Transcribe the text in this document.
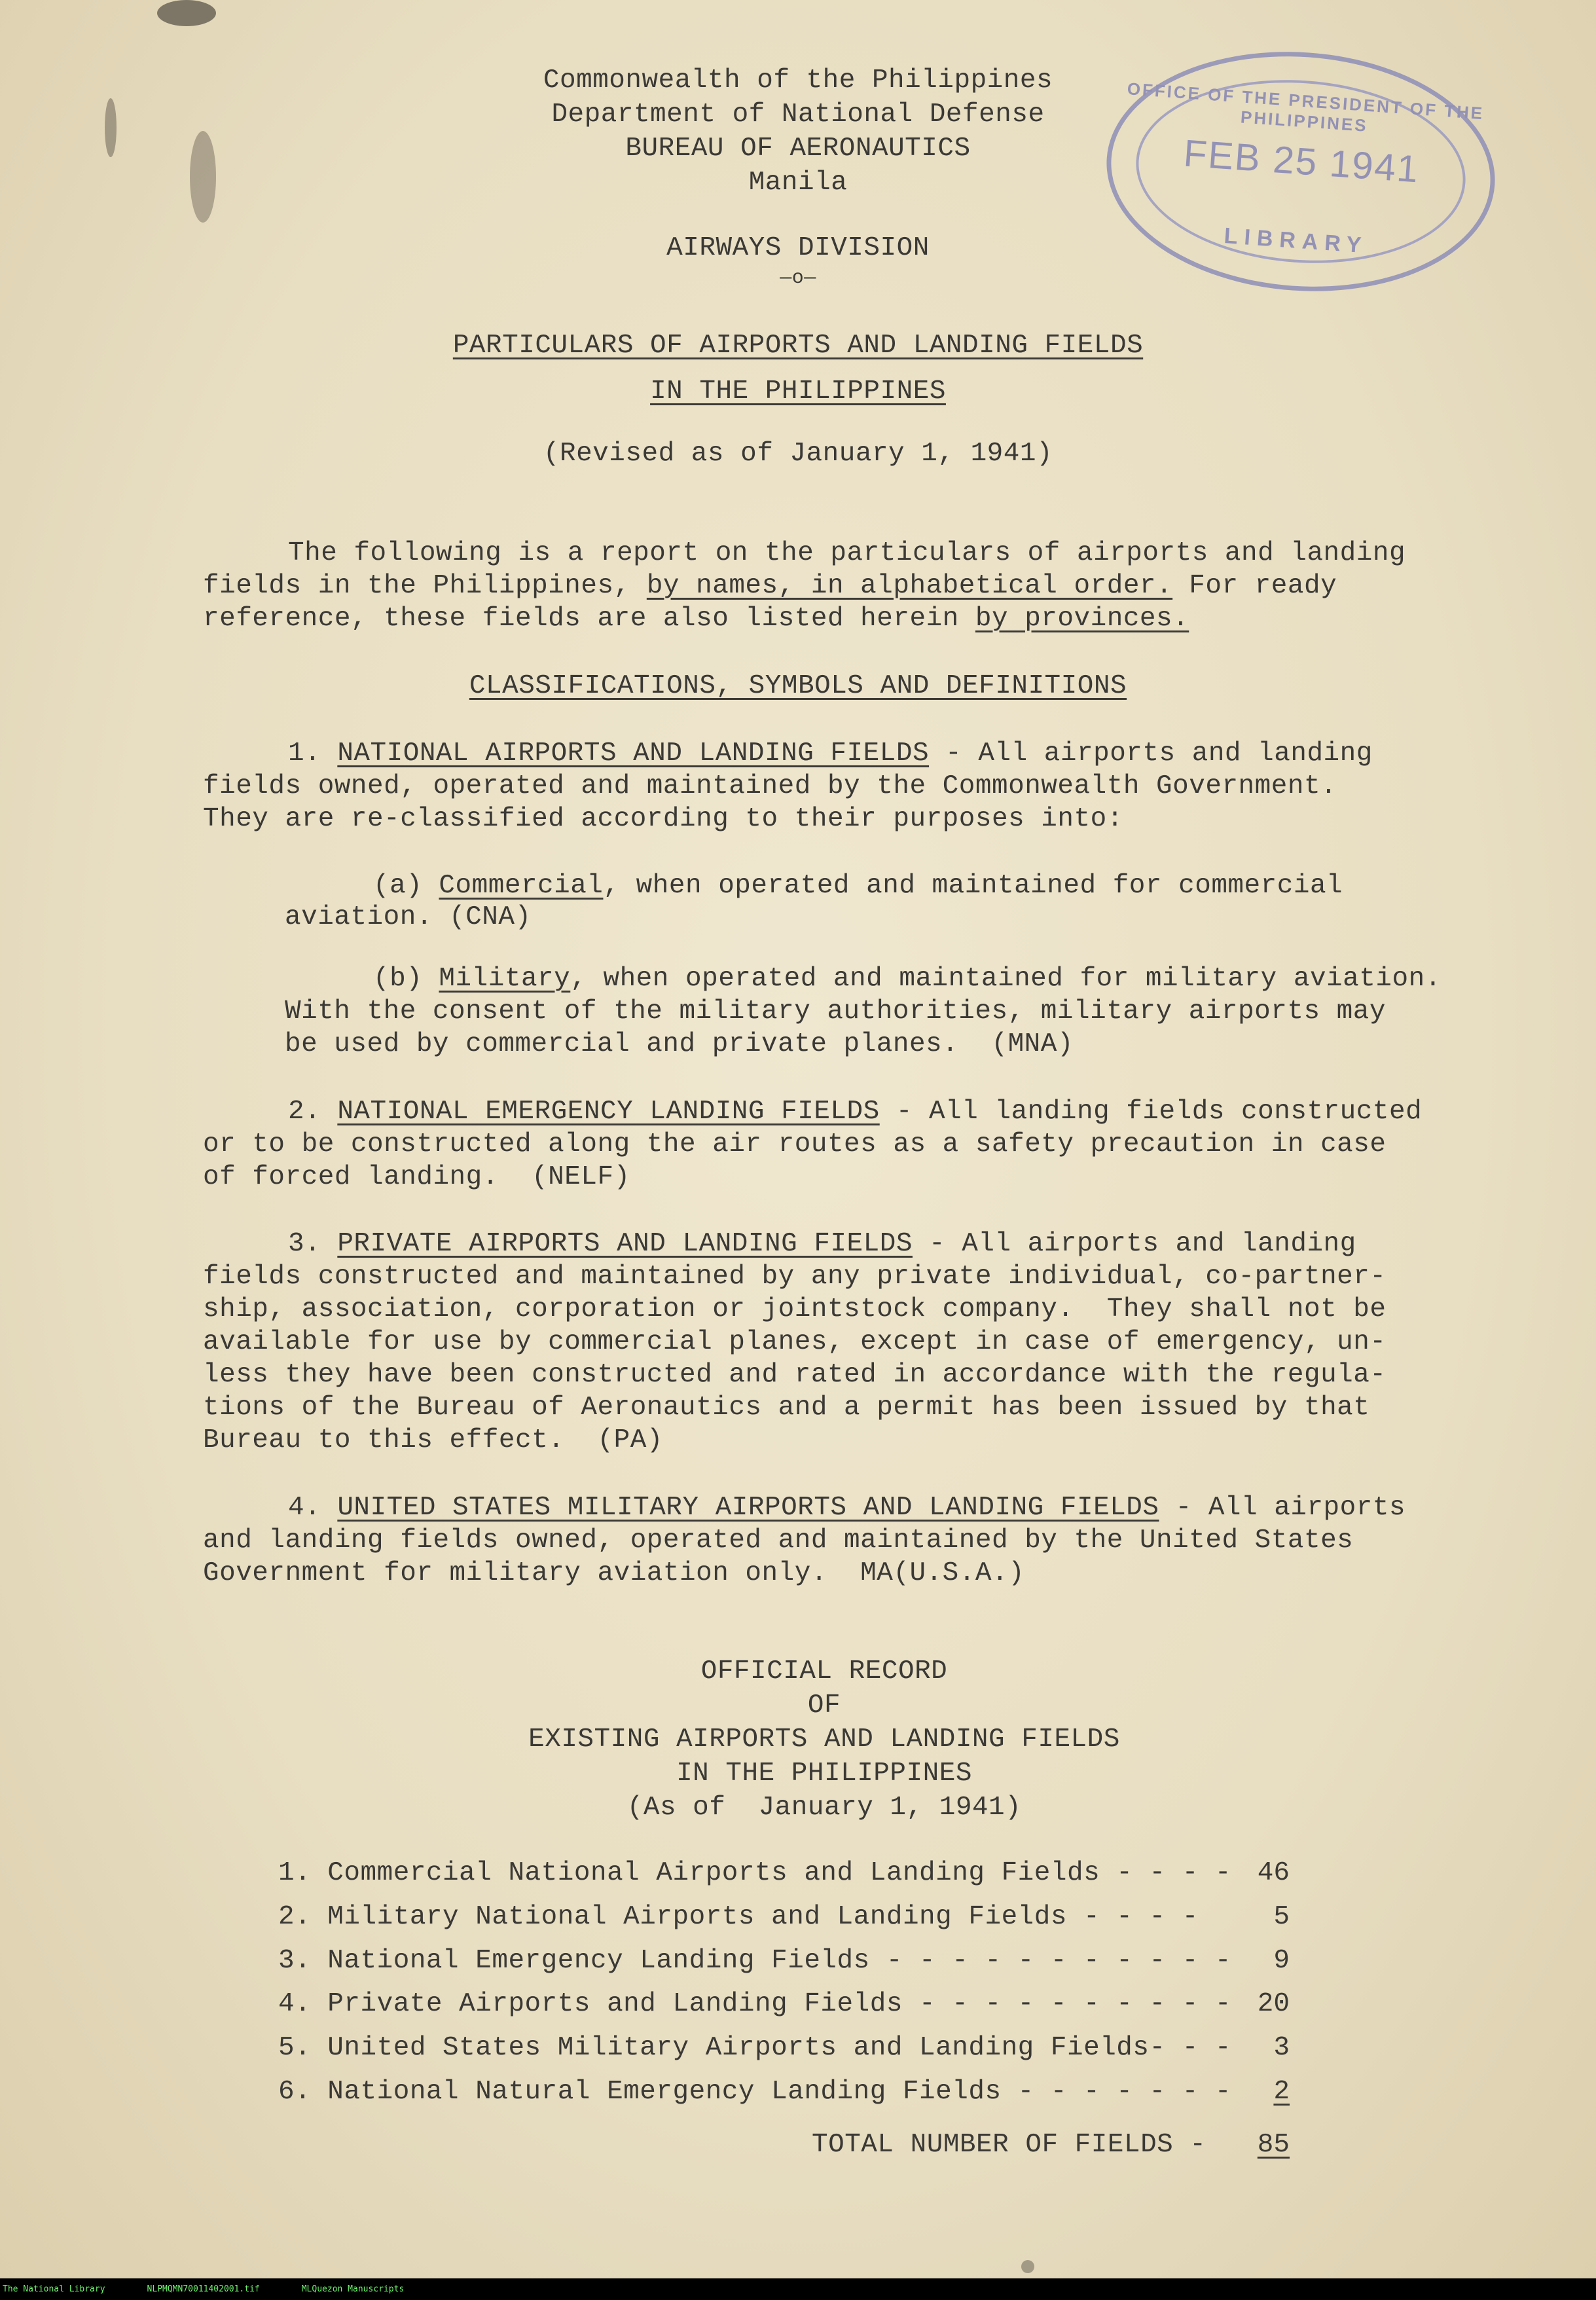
Commonwealth of the Philippines
Department of National Defense
BUREAU OF AERONAUTICS
Manila
OFFICE OF THE PRESIDENT OF THE PHILIPPINES
FEB 25 1941
LIBRARY
AIRWAYS DIVISION
—o—
PARTICULARS OF AIRPORTS AND LANDING FIELDS
IN THE PHILIPPINES
(Revised as of January 1, 1941)
The following is a report on the particulars of airports and landing
fields in the Philippines, by names, in alphabetical order. For ready
reference, these fields are also listed herein by provinces.
CLASSIFICATIONS, SYMBOLS AND DEFINITIONS
1. NATIONAL AIRPORTS AND LANDING FIELDS - All airports and landing
fields owned, operated and maintained by the Commonwealth Government.
They are re-classified according to their purposes into:
(a) Commercial, when operated and maintained for commercial
aviation. (CNA)
(b) Military, when operated and maintained for military aviation.
With the consent of the military authorities, military airports may
be used by commercial and private planes.  (MNA)
2. NATIONAL EMERGENCY LANDING FIELDS - All landing fields constructed
or to be constructed along the air routes as a safety precaution in case
of forced landing.  (NELF)
3. PRIVATE AIRPORTS AND LANDING FIELDS - All airports and landing
fields constructed and maintained by any private individual, co-partner-
ship, association, corporation or jointstock company.  They shall not be
available for use by commercial planes, except in case of emergency, un-
less they have been constructed and rated in accordance with the regula-
tions of the Bureau of Aeronautics and a permit has been issued by that
Bureau to this effect.  (PA)
4. UNITED STATES MILITARY AIRPORTS AND LANDING FIELDS - All airports
and landing fields owned, operated and maintained by the United States
Government for military aviation only.  MA(U.S.A.)
OFFICIAL RECORD
OF
EXISTING AIRPORTS AND LANDING FIELDS
IN THE PHILIPPINES
(As of  January 1, 1941)
1. Commercial National Airports and Landing Fields - - - - 46
2. Military National Airports and Landing Fields - - - -	5
3. National Emergency Landing Fields - - - - - - - - - - -	9
4. Private Airports and Landing Fields - - - - - - - - - - 20
5. United States Military Airports and Landing Fields- - -	3
6. National Natural Emergency Landing Fields - - - - - - -	2
TOTAL NUMBER OF FIELDS -	85
The National Library	NLPMQMN70011402001.tif	MLQuezon Manuscripts
